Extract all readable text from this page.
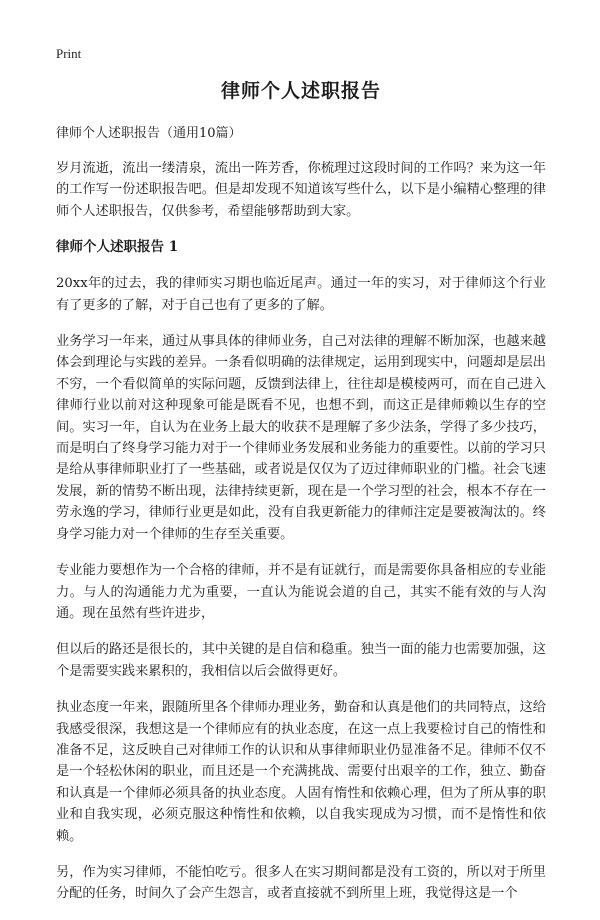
Print
律师个人述职报告
律师个人述职报告（通用10篇）

岁月流逝，流出一缕清泉，流出一阵芳香，你梳理过这段时间的工作吗？来为这一年的工作写一份述职报告吧。但是却发现不知道该写些什么，以下是小编精心整理的律师个人述职报告，仅供参考，希望能够帮助到大家。

律师个人述职报告 1

20xx年的过去，我的律师实习期也临近尾声。通过一年的实习，对于律师这个行业有了更多的了解，对于自己也有了更多的了解。

业务学习一年来，通过从事具体的律师业务，自己对法律的理解不断加深，也越来越体会到理论与实践的差异。一条看似明确的法律规定，运用到现实中，问题却是层出不穷，一个看似简单的实际问题，反馈到法律上，往往却是模棱两可，而在自己进入律师行业以前对这种现象可能是既看不见，也想不到，而这正是律师赖以生存的空间。实习一年，自认为在业务上最大的收获不是理解了多少法条，学得了多少技巧，而是明白了终身学习能力对于一个律师业务发展和业务能力的重要性。以前的学习只是给从事律师职业打了一些基础，或者说是仅仅为了迈过律师职业的门槛。社会飞速发展，新的情势不断出现，法律持续更新，现在是一个学习型的社会，根本不存在一劳永逸的学习，律师行业更是如此，没有自我更新能力的律师注定是要被淘汰的。终身学习能力对一个律师的生存至关重要。

专业能力要想作为一个合格的律师，并不是有证就行，而是需要你具备相应的专业能力。与人的沟通能力尤为重要，一直认为能说会道的自己，其实不能有效的与人沟通。现在虽然有些许进步，

但以后的路还是很长的，其中关键的是自信和稳重。独当一面的能力也需要加强，这个是需要实践来累积的，我相信以后会做得更好。

执业态度一年来，跟随所里各个律师办理业务，勤奋和认真是他们的共同特点，这给我感受很深，我想这是一个律师应有的执业态度，在这一点上我要检讨自己的惰性和准备不足，这反映自己对律师工作的认识和从事律师职业仍显准备不足。律师不仅不是一个轻松休闲的职业，而且还是一个充满挑战、需要付出艰辛的工作，独立、勤奋和认真是一个律师必须具备的执业态度。人固有惰性和依赖心理，但为了所从事的职业和自我实现，必须克服这种惰性和依赖，以自我实现成为习惯，而不是惰性和依赖。

另，作为实习律师，不能怕吃亏。很多人在实习期间都是没有工资的，所以对于所里分配的任务，时间久了会产生怨言，或者直接就不到所里上班，我觉得这是一个
